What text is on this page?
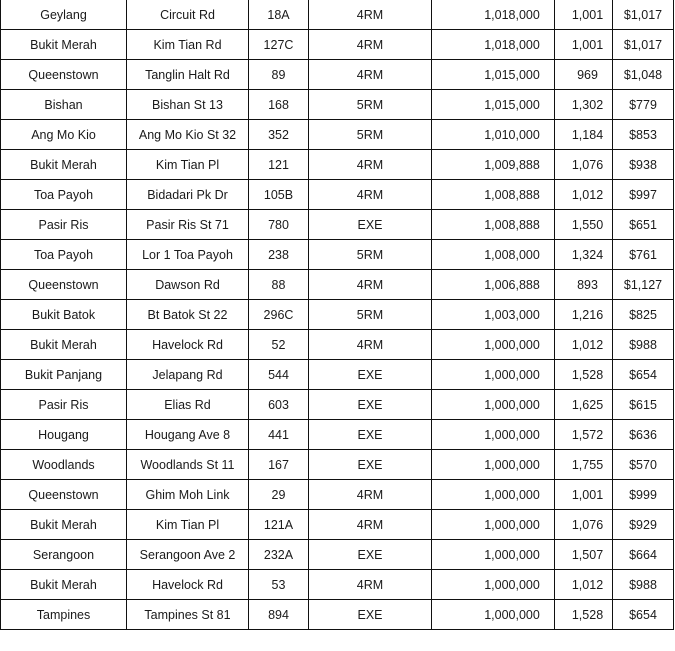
Geylang	Circuit Rd	18A	4RM	1,018,000	1,001	$1,017
Bukit Merah	Kim Tian Rd	127C	4RM	1,018,000	1,001	$1,017
Queenstown	Tanglin Halt Rd	89	4RM	1,015,000	969	$1,048
Bishan	Bishan St 13	168	5RM	1,015,000	1,302	$779
Ang Mo Kio	Ang Mo Kio St 32	352	5RM	1,010,000	1,184	$853
Bukit Merah	Kim Tian Pl	121	4RM	1,009,888	1,076	$938
Toa Payoh	Bidadari Pk Dr	105B	4RM	1,008,888	1,012	$997
Pasir Ris	Pasir Ris St 71	780	EXE	1,008,888	1,550	$651
Toa Payoh	Lor 1 Toa Payoh	238	5RM	1,008,000	1,324	$761
Queenstown	Dawson Rd	88	4RM	1,006,888	893	$1,127
Bukit Batok	Bt Batok St 22	296C	5RM	1,003,000	1,216	$825
Bukit Merah	Havelock Rd	52	4RM	1,000,000	1,012	$988
Bukit Panjang	Jelapang Rd	544	EXE	1,000,000	1,528	$654
Pasir Ris	Elias Rd	603	EXE	1,000,000	1,625	$615
Hougang	Hougang Ave 8	441	EXE	1,000,000	1,572	$636
Woodlands	Woodlands St 11	167	EXE	1,000,000	1,755	$570
Queenstown	Ghim Moh Link	29	4RM	1,000,000	1,001	$999
Bukit Merah	Kim Tian Pl	121A	4RM	1,000,000	1,076	$929
Serangoon	Serangoon Ave 2	232A	EXE	1,000,000	1,507	$664
Bukit Merah	Havelock Rd	53	4RM	1,000,000	1,012	$988
Tampines	Tampines St 81	894	EXE	1,000,000	1,528	$654
